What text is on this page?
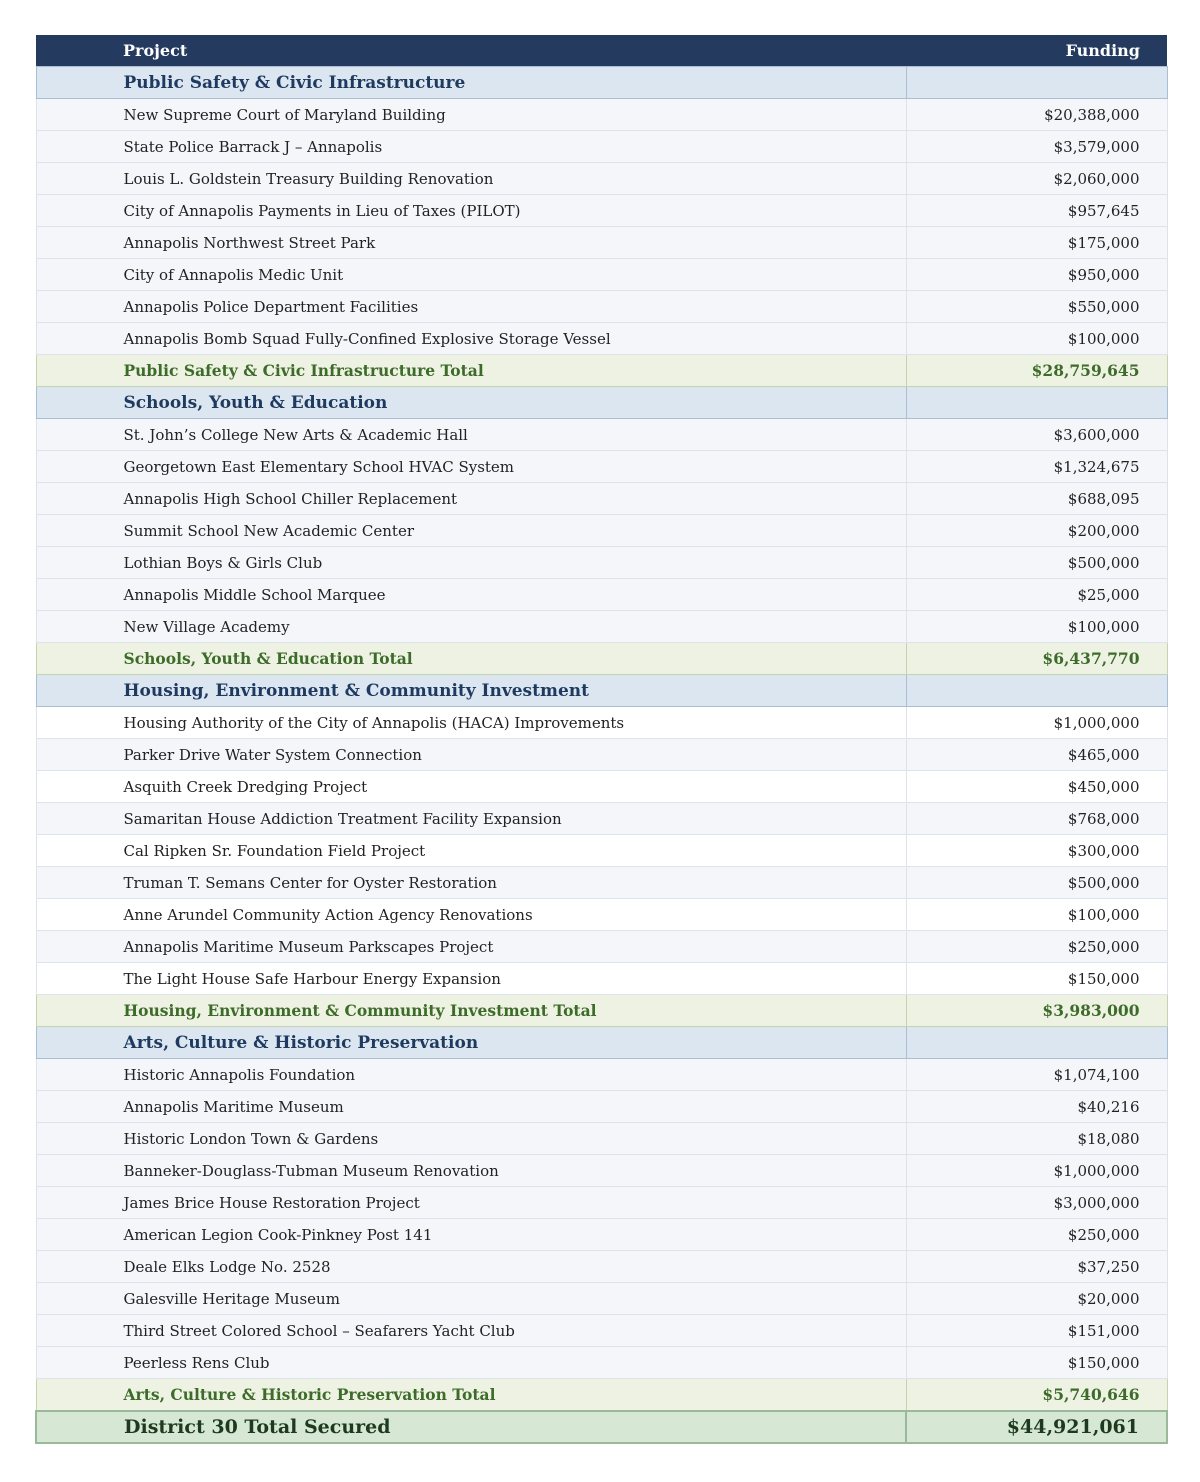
Project	Funding
Public Safety & Civic Infrastructure	
New Supreme Court of Maryland Building	$20,388,000
State Police Barrack J – Annapolis	$3,579,000
Louis L. Goldstein Treasury Building Renovation	$2,060,000
City of Annapolis Payments in Lieu of Taxes (PILOT)	$957,645
Annapolis Northwest Street Park	$175,000
City of Annapolis Medic Unit	$950,000
Annapolis Police Department Facilities	$550,000
Annapolis Bomb Squad Fully-Confined Explosive Storage Vessel	$100,000
Public Safety & Civic Infrastructure Total	$28,759,645
Schools, Youth & Education	
St. John’s College New Arts & Academic Hall	$3,600,000
Georgetown East Elementary School HVAC System	$1,324,675
Annapolis High School Chiller Replacement	$688,095
Summit School New Academic Center	$200,000
Lothian Boys & Girls Club	$500,000
Annapolis Middle School Marquee	$25,000
New Village Academy	$100,000
Schools, Youth & Education Total	$6,437,770
Housing, Environment & Community Investment	
Housing Authority of the City of Annapolis (HACA) Improvements	$1,000,000
Parker Drive Water System Connection	$465,000
Asquith Creek Dredging Project	$450,000
Samaritan House Addiction Treatment Facility Expansion	$768,000
Cal Ripken Sr. Foundation Field Project	$300,000
Truman T. Semans Center for Oyster Restoration	$500,000
Anne Arundel Community Action Agency Renovations	$100,000
Annapolis Maritime Museum Parkscapes Project	$250,000
The Light House Safe Harbour Energy Expansion	$150,000
Housing, Environment & Community Investment Total	$3,983,000
Arts, Culture & Historic Preservation	
Historic Annapolis Foundation	$1,074,100
Annapolis Maritime Museum	$40,216
Historic London Town & Gardens	$18,080
Banneker-Douglass-Tubman Museum Renovation	$1,000,000
James Brice House Restoration Project	$3,000,000
American Legion Cook-Pinkney Post 141	$250,000
Deale Elks Lodge No. 2528	$37,250
Galesville Heritage Museum	$20,000
Third Street Colored School – Seafarers Yacht Club	$151,000
Peerless Rens Club	$150,000
Arts, Culture & Historic Preservation Total	$5,740,646
District 30 Total Secured	$44,921,061
